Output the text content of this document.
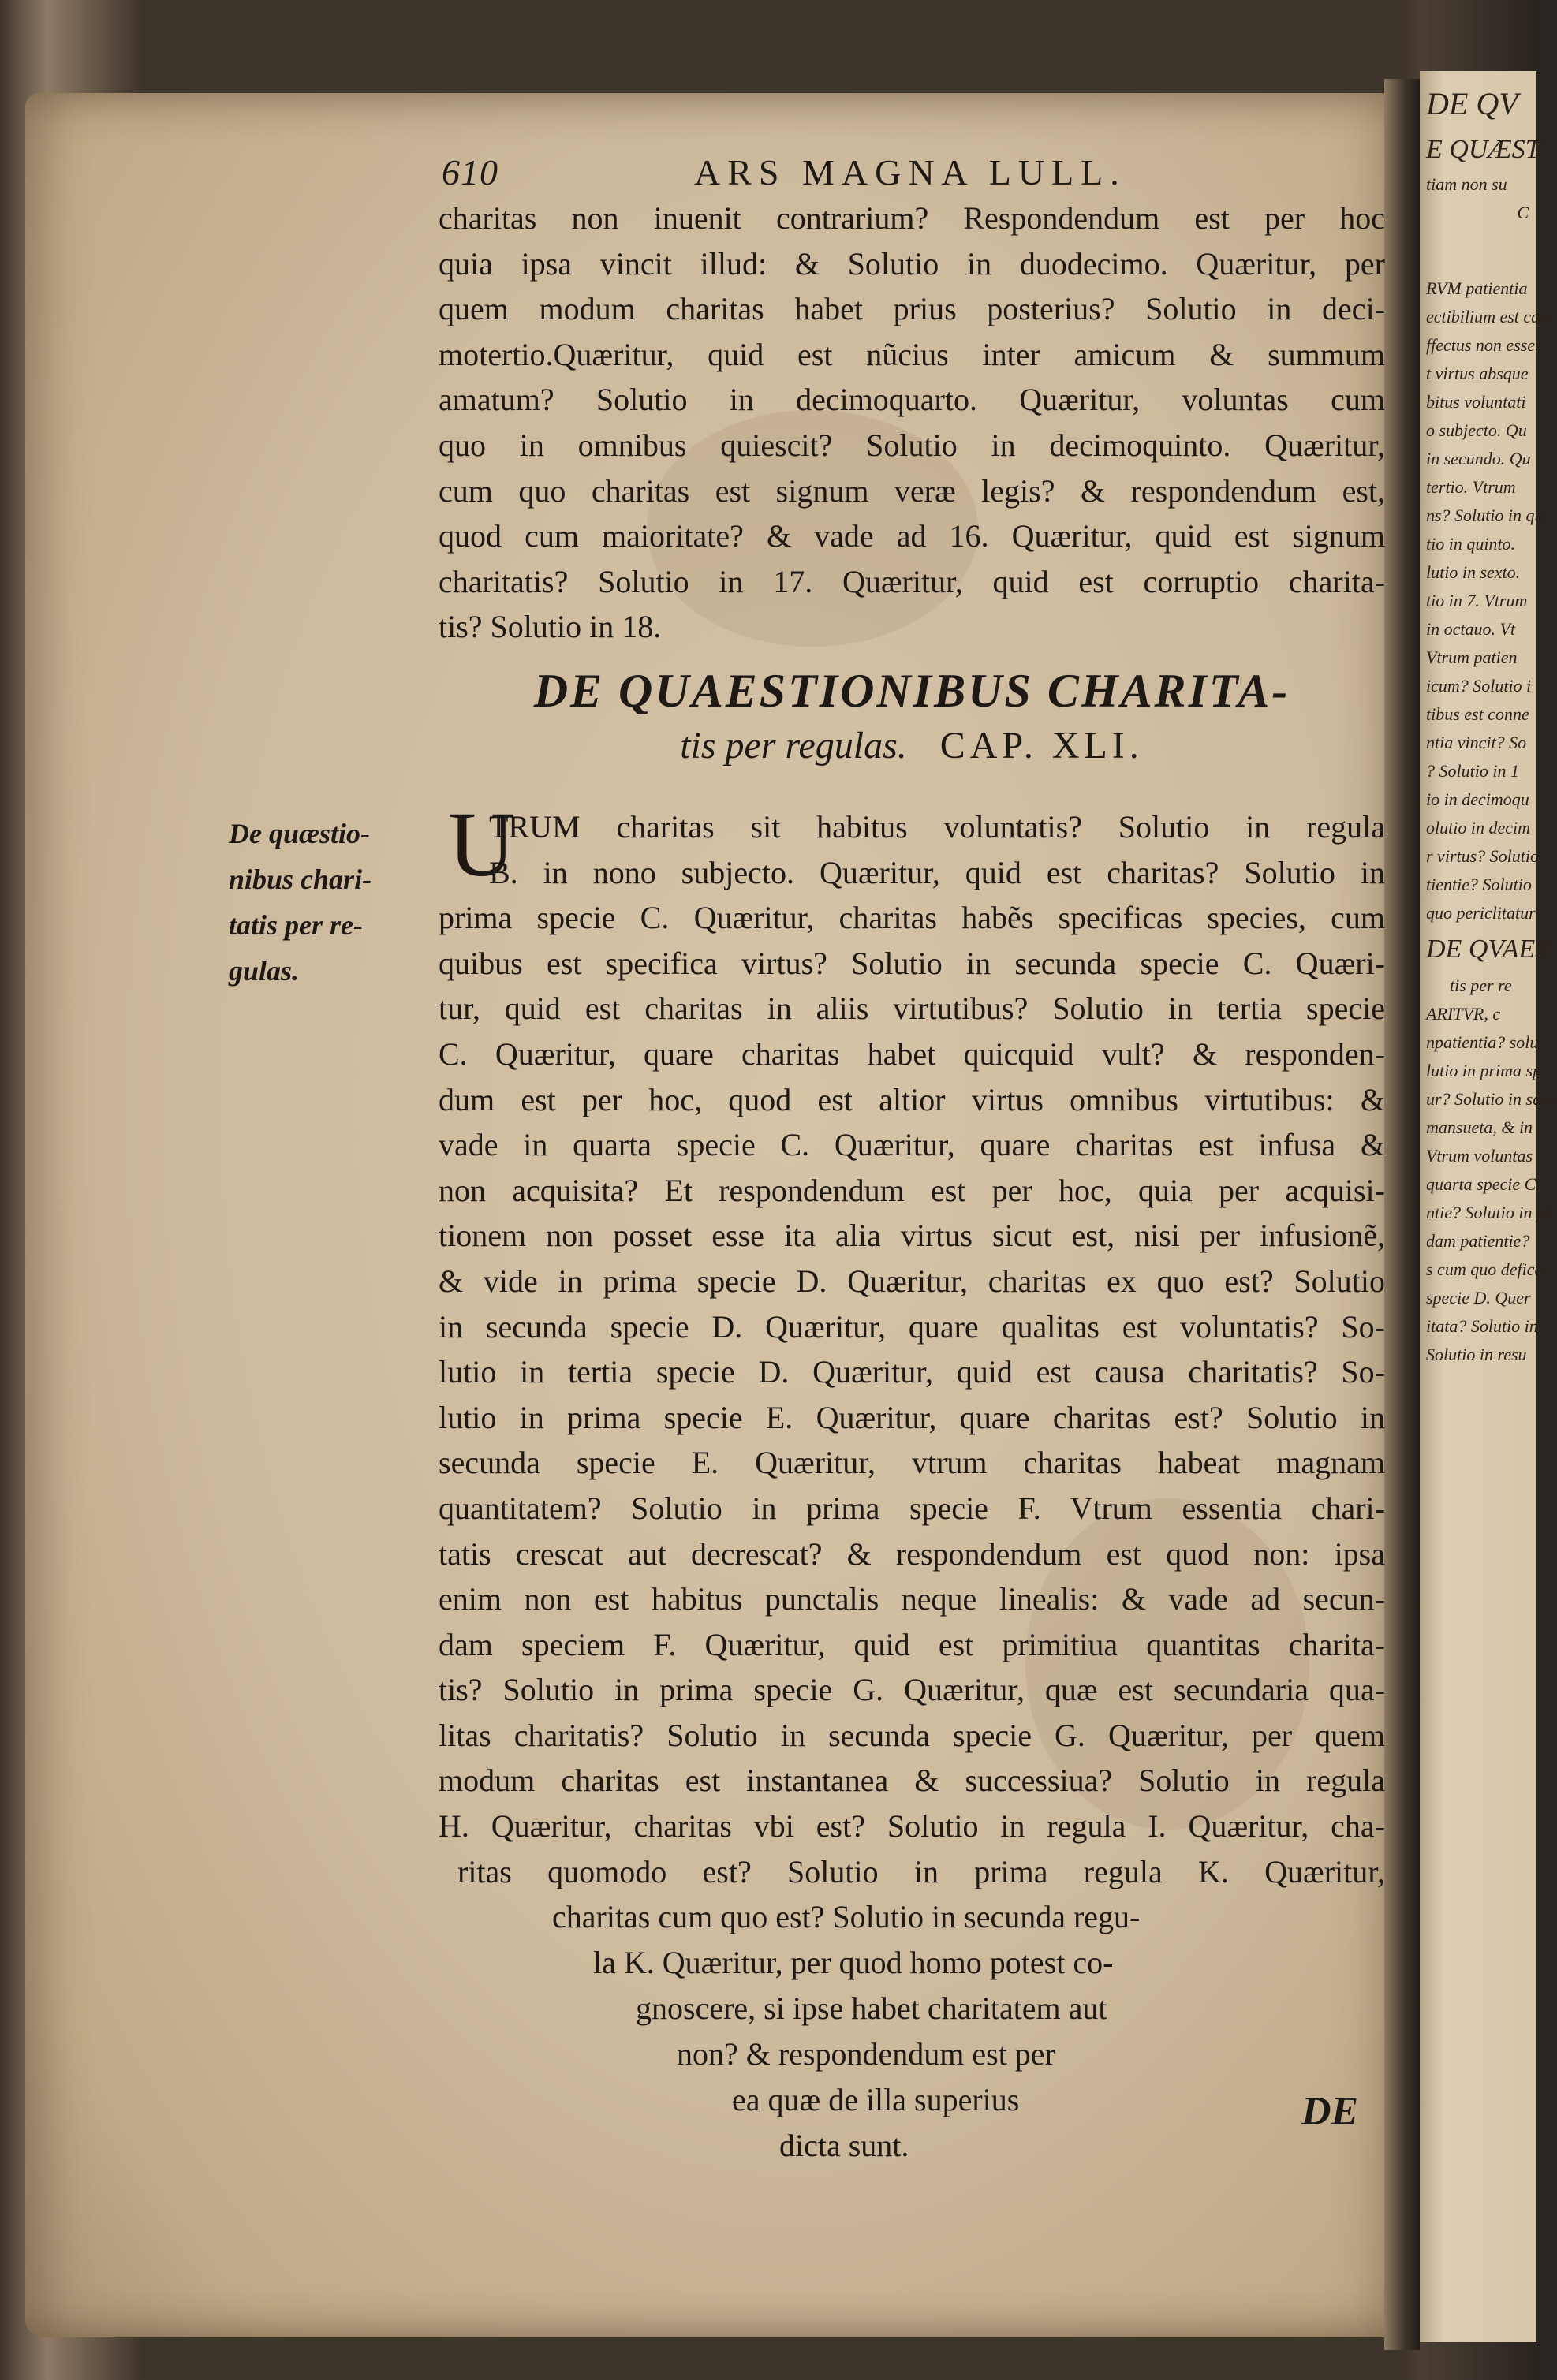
610	ARS MAGNA LULL.
charitas non inuenit contrarium? Respondendum est per hoc
quia ipsa vincit illud: & Solutio in duodecimo. Quæritur, per
quem modum charitas habet prius posterius? Solutio in deci-
motertio.Quæritur, quid est nũcius inter amicum & summum
amatum? Solutio in decimoquarto. Quæritur, voluntas cum
quo in omnibus quiescit? Solutio in decimoquinto. Quæritur,
cum quo charitas est signum veræ legis? & respondendum est,
quod cum maioritate? & vade ad 16. Quæritur, quid est signum
charitatis? Solutio in 17. Quæritur, quid est corruptio charita-
tis? Solutio in 18.
DE QUAESTIONIBUS CHARITA-
tis per regulas. CAP. XLI.
De quæstio-
nibus chari-
tatis per re-
gulas.
U
TRUM charitas sit habitus voluntatis? Solutio in regula
B. in nono subjecto. Quæritur, quid est charitas? Solutio in
prima specie C. Quæritur, charitas habẽs specificas species, cum
quibus est specifica virtus? Solutio in secunda specie C. Quæri-
tur, quid est charitas in aliis virtutibus? Solutio in tertia specie
C. Quæritur, quare charitas habet quicquid vult? & responden-
dum est per hoc, quod est altior virtus omnibus virtutibus: &
vade in quarta specie C. Quæritur, quare charitas est infusa &
non acquisita? Et respondendum est per hoc, quia per acquisi-
tionem non posset esse ita alia virtus sicut est, nisi per infusionẽ,
& vide in prima specie D. Quæritur, charitas ex quo est? Solutio
in secunda specie D. Quæritur, quare qualitas est voluntatis? So-
lutio in tertia specie D. Quæritur, quid est causa charitatis? So-
lutio in prima specie E. Quæritur, quare charitas est? Solutio in
secunda specie E. Quæritur, vtrum charitas habeat magnam
quantitatem? Solutio in prima specie F. Vtrum essentia chari-
tatis crescat aut decrescat? & respondendum est quod non: ipsa
enim non est habitus punctalis neque linealis: & vade ad secun-
dam speciem F. Quæritur, quid est primitiua quantitas charita-
tis? Solutio in prima specie G. Quæritur, quæ est secundaria qua-
litas charitatis? Solutio in secunda specie G. Quæritur, per quem
modum charitas est instantanea & successiua? Solutio in regula
H. Quæritur, charitas vbi est? Solutio in regula I. Quæritur, cha-
ritas quomodo est? Solutio in prima regula K. Quæritur,
charitas cum quo est? Solutio in secunda regu-
la K. Quæritur, per quod homo potest co-
gnoscere, si ipse habet charitatem aut
non? & respondendum est per
ea quæ de illa superius
dicta sunt.
DE
DE QV
E QUÆST
tiam non su
C
RVM patientia
ectibilium est cau
ffectus non esset
t virtus absque
bitus voluntati
o subjecto. Qu
in secundo. Qu
tertio. Vtrum
ns? Solutio in qu
tio in quinto.
lutio in sexto.
tio in 7. Vtrum
in octauo. Vt
Vtrum patien
icum? Solutio i
tibus est conne
ntia vincit? So
? Solutio in 1
io in decimoqu
olutio in decim
r virtus? Solutio
tientie? Solutio
quo periclitatur
DE QVAES
tis per re
ARITVR, c
npatientia? solu
lutio in prima sp
ur? Solutio in secu
mansueta, & in
Vtrum voluntas
quarta specie C.
ntie? Solutio in pr
dam patientie?
s cum quo deficer
specie D. Quer
itata? Solutio in
Solutio in resu
